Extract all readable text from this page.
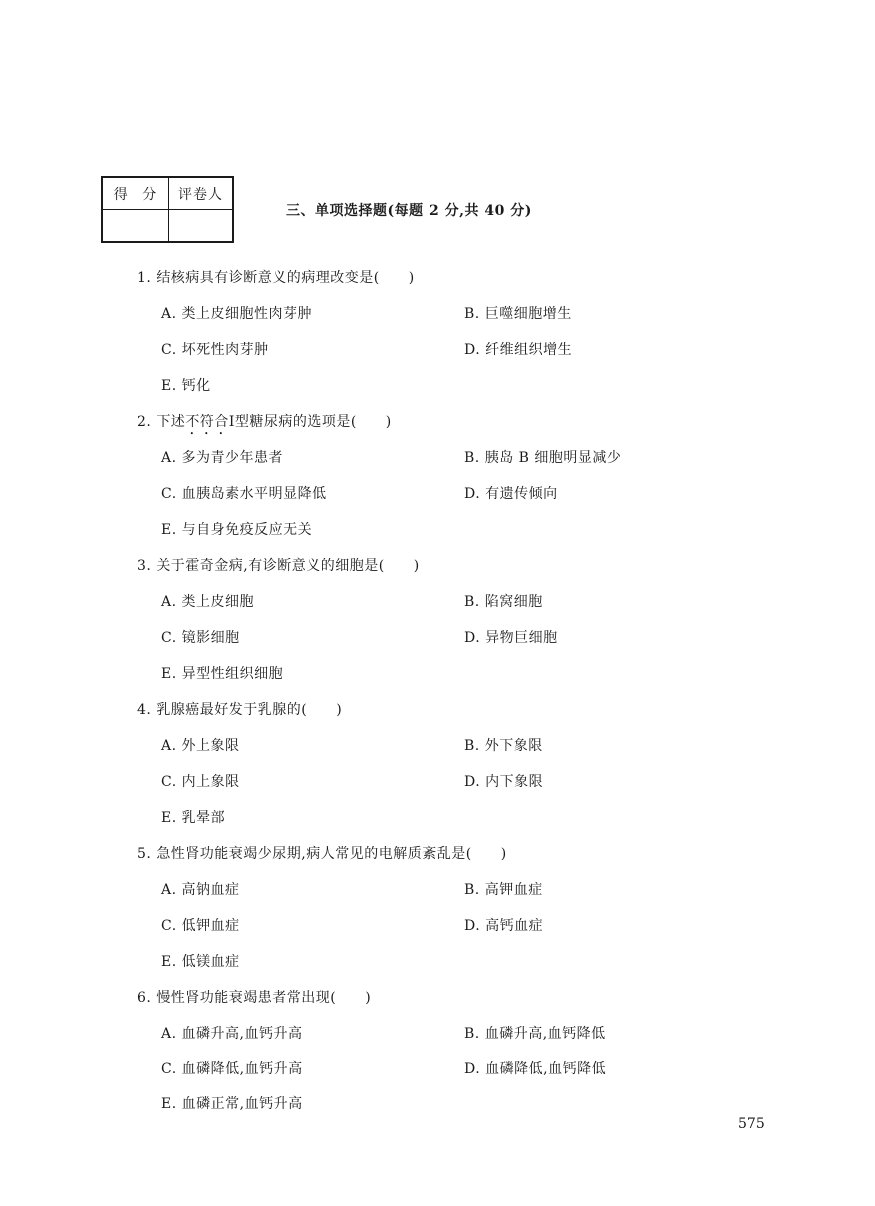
得 分	评卷人
三、单项选择题(每题 2 分,共 40 分)
1. 结核病具有诊断意义的病理改变是(　　)
A. 类上皮细胞性肉芽肿	B. 巨噬细胞增生
C. 坏死性肉芽肿	D. 纤维组织增生
E. 钙化
2. 下述不符合Ⅰ型糖尿病的选项是(　　)
A. 多为青少年患者	B. 胰岛 B 细胞明显减少
C. 血胰岛素水平明显降低	D. 有遗传倾向
E. 与自身免疫反应无关
3. 关于霍奇金病,有诊断意义的细胞是(　　)
A. 类上皮细胞	B. 陷窝细胞
C. 镜影细胞	D. 异物巨细胞
E. 异型性组织细胞
4. 乳腺癌最好发于乳腺的(　　)
A. 外上象限	B. 外下象限
C. 内上象限	D. 内下象限
E. 乳晕部
5. 急性肾功能衰竭少尿期,病人常见的电解质紊乱是(　　)
A. 高钠血症	B. 高钾血症
C. 低钾血症	D. 高钙血症
E. 低镁血症
6. 慢性肾功能衰竭患者常出现(　　)
A. 血磷升高,血钙升高	B. 血磷升高,血钙降低
C. 血磷降低,血钙升高	D. 血磷降低,血钙降低
E. 血磷正常,血钙升高
575
